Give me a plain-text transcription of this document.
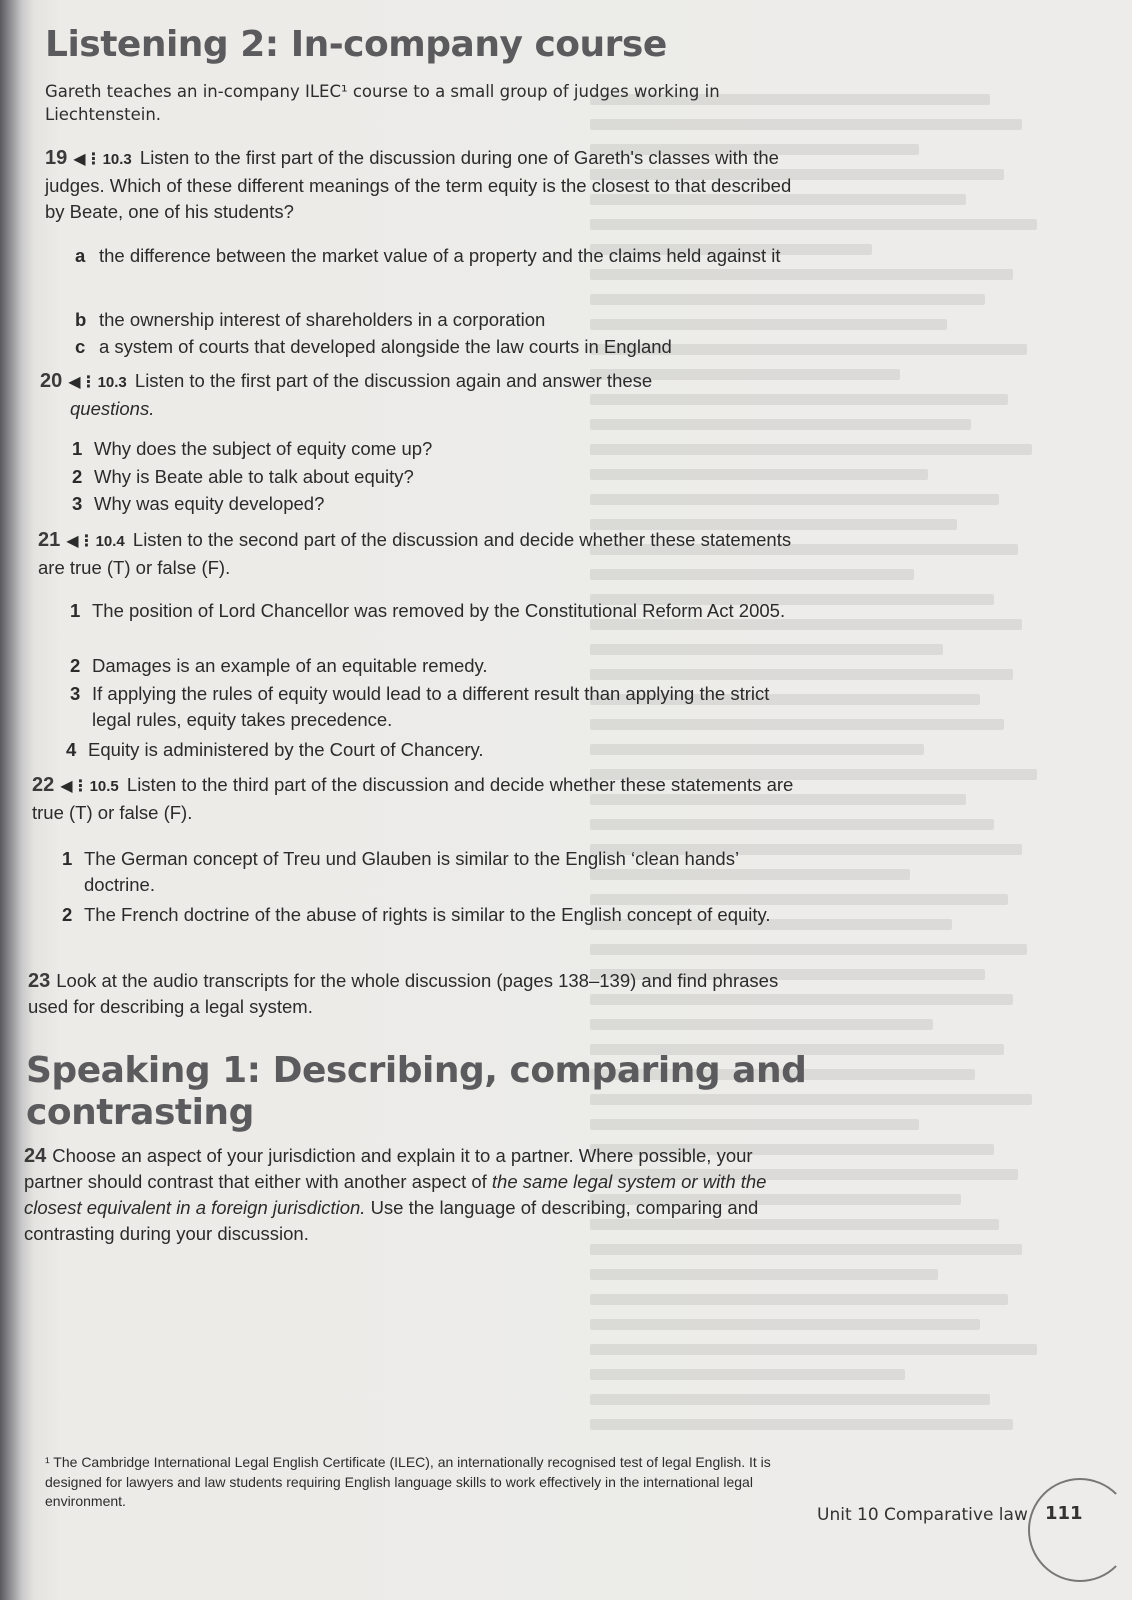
Listening 2: In-company course
Gareth teaches an in-company ILEC¹ course to a small group of judges working in Liechtenstein.
19 ◀⋮10.3 Listen to the first part of the discussion during one of Gareth's classes with the judges. Which of these different meanings of the term equity is the closest to that described by Beate, one of his students?
a the difference between the market value of a property and the claims held against it
b the ownership interest of shareholders in a corporation
c a system of courts that developed alongside the law courts in England
20 ◀⋮10.3 Listen to the first part of the discussion again and answer these
questions.
1 Why does the subject of equity come up?
2 Why is Beate able to talk about equity?
3 Why was equity developed?
21 ◀⋮10.4 Listen to the second part of the discussion and decide whether these statements are true (T) or false (F).
1 The position of Lord Chancellor was removed by the Constitutional Reform Act 2005.
2 Damages is an example of an equitable remedy.
3 If applying the rules of equity would lead to a different result than applying the strict legal rules, equity takes precedence.
4 Equity is administered by the Court of Chancery.
22 ◀⋮10.5 Listen to the third part of the discussion and decide whether these statements are true (T) or false (F).
1 The German concept of Treu und Glauben is similar to the English ‘clean hands’ doctrine.
2 The French doctrine of the abuse of rights is similar to the English concept of equity.
23 Look at the audio transcripts for the whole discussion (pages 138–139) and find phrases used for describing a legal system.
Speaking 1: Describing, comparing and
contrasting
24 Choose an aspect of your jurisdiction and explain it to a partner. Where possible, your partner should contrast that either with another aspect of the same legal system or with the closest equivalent in a foreign jurisdiction. Use the language of describing, comparing and contrasting during your discussion.
¹ The Cambridge International Legal English Certificate (ILEC), an internationally recognised test of legal English. It is designed for lawyers and law students requiring English language skills to work effectively in the international legal environment.
Unit 10 Comparative law 111
